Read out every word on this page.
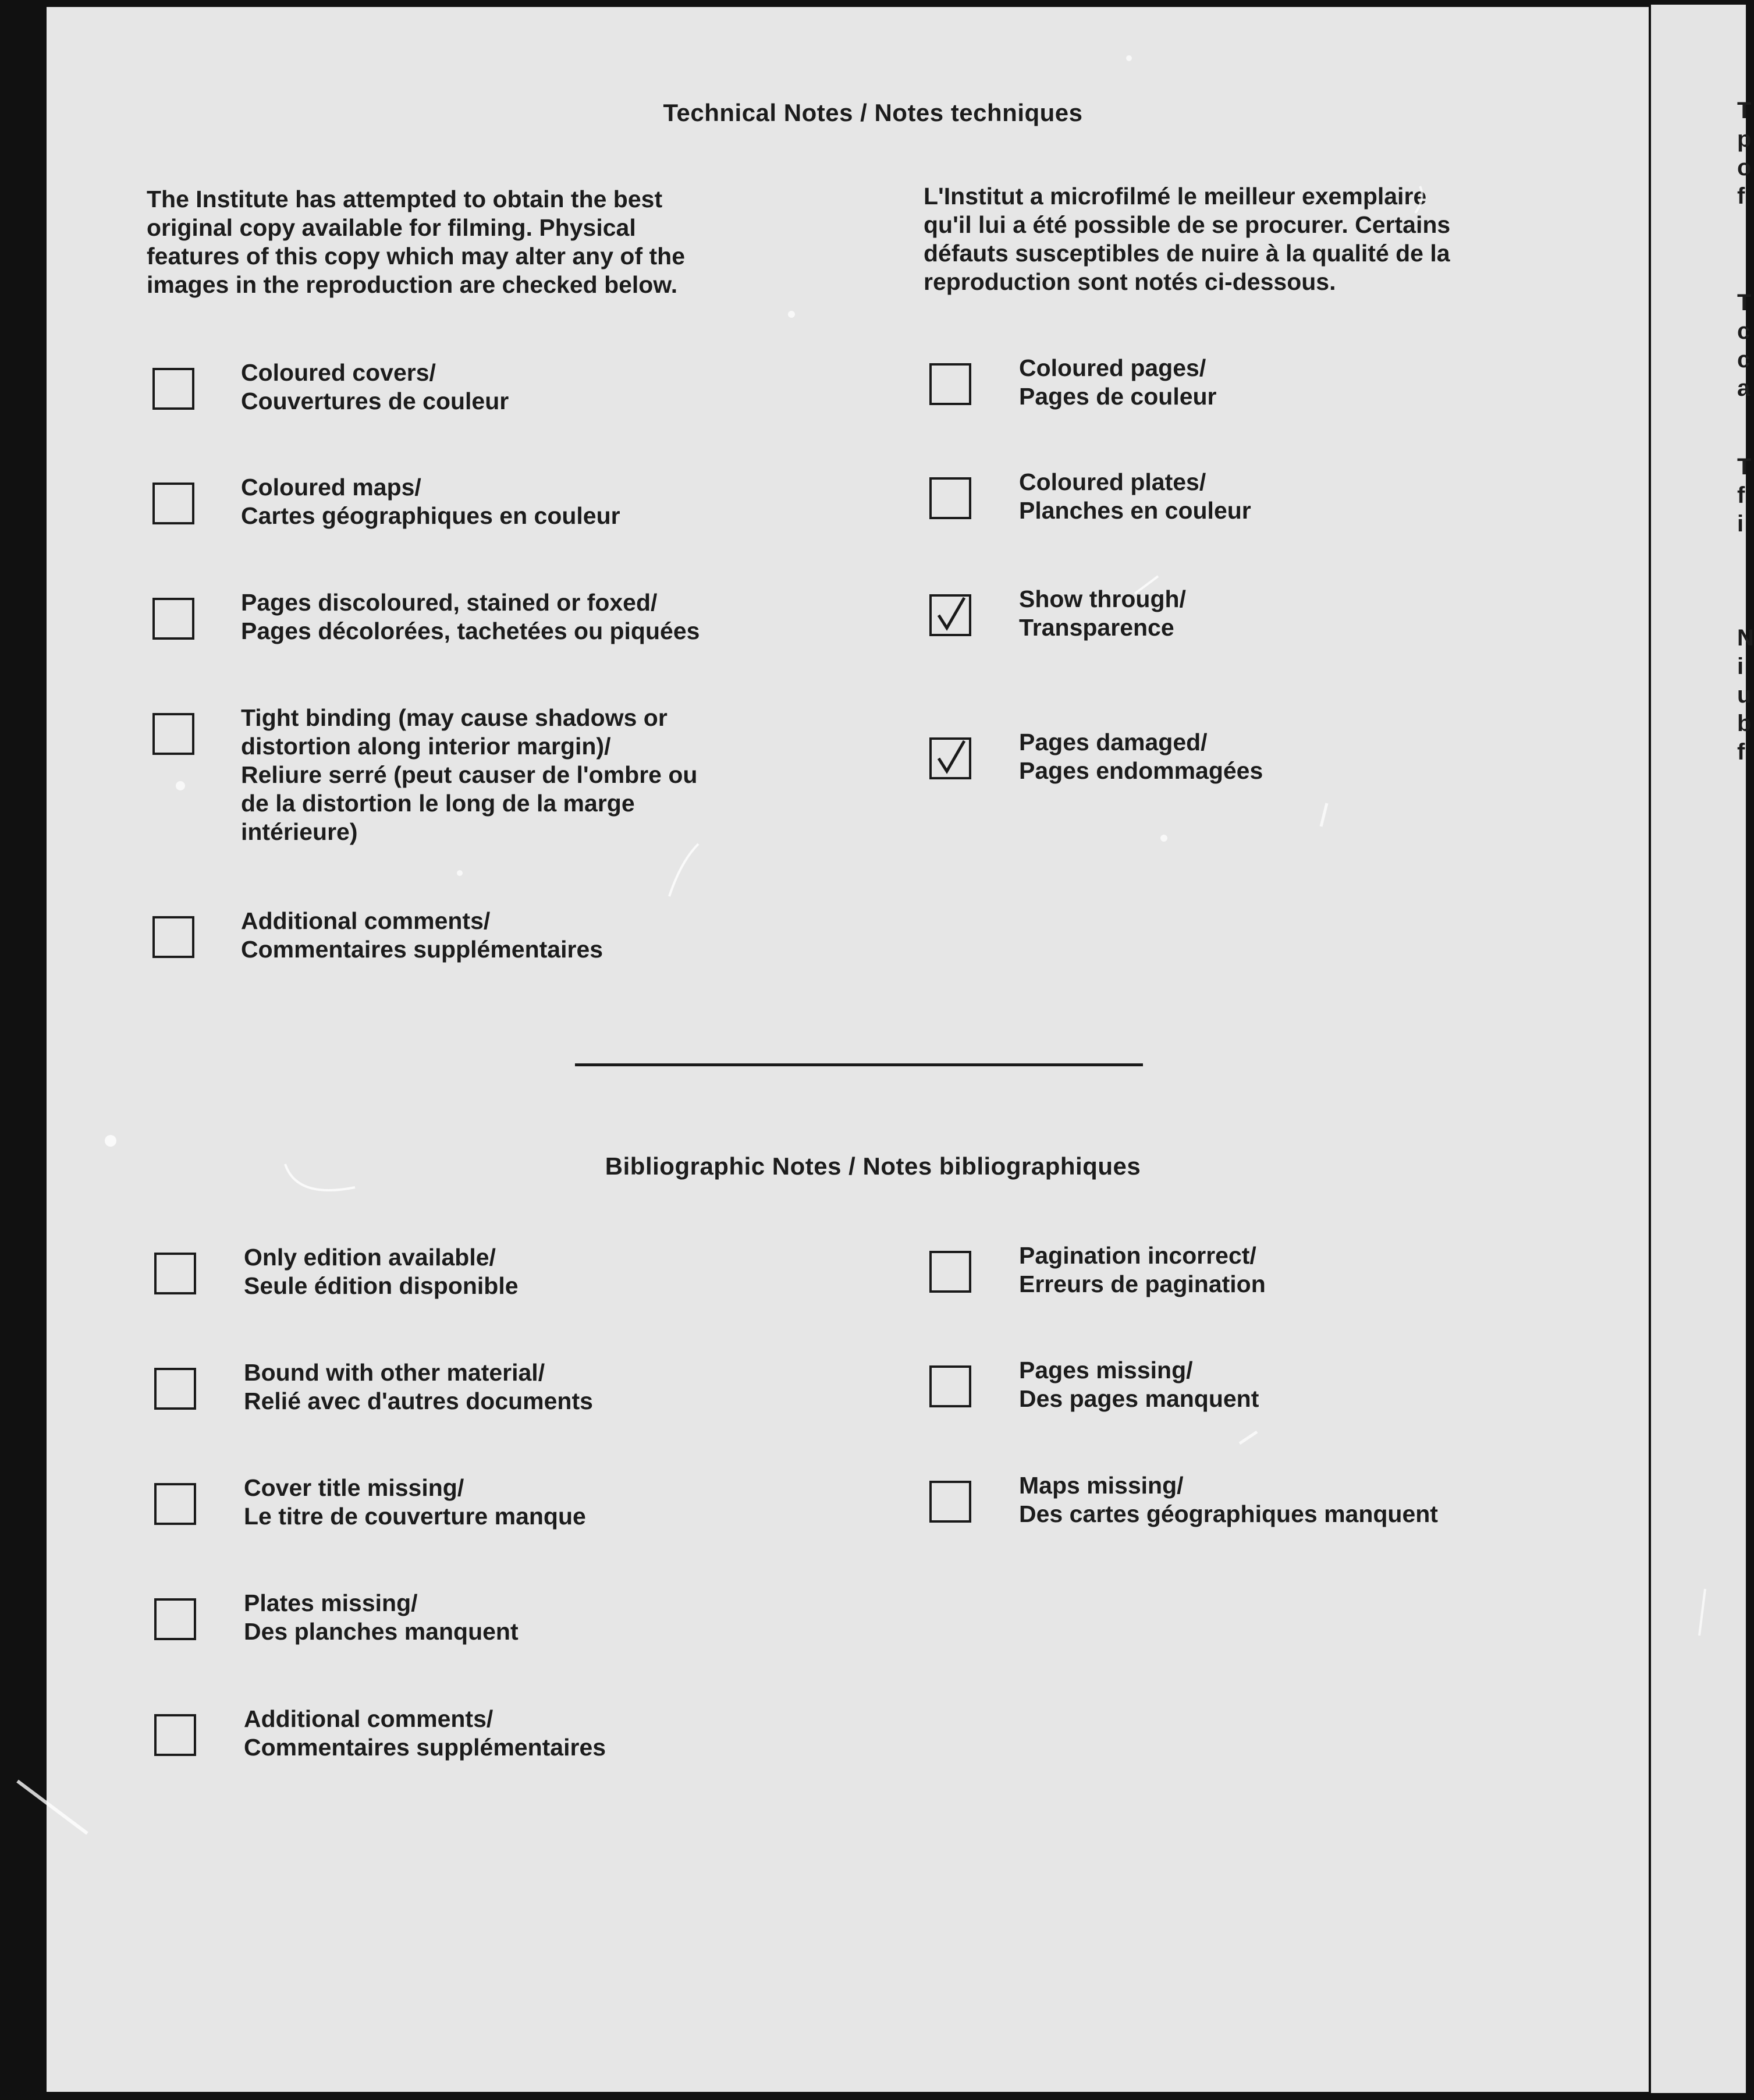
T
p
o
f

T
c
c
a

T
f
i

N
i
u
b
f

Technical Notes / Notes techniques

The Institute has attempted to obtain the best
original copy available for filming. Physical
features of this copy which may alter any of the
images in the reproduction are checked below.

L'Institut a microfilmé le meilleur exemplaire
qu'il lui a été possible de se procurer. Certains
défauts susceptibles de nuire à la qualité de la
reproduction sont notés ci-dessous.

Coloured covers/
Couvertures de couleur

Coloured maps/
Cartes géographiques en couleur

Pages discoloured, stained or foxed/
Pages décolorées, tachetées ou piquées

Tight binding (may cause shadows or
distortion along interior margin)/
Reliure serré (peut causer de l'ombre ou
de la distortion le long de la marge
intérieure)

Additional comments/
Commentaires supplémentaires

Coloured pages/
Pages de couleur

Coloured plates/
Planches en couleur

Show through/
Transparence

Pages damaged/
Pages endommagées

Bibliographic Notes / Notes bibliographiques

Only edition available/
Seule édition disponible

Bound with other material/
Relié avec d'autres documents

Cover title missing/
Le titre de couverture manque

Plates missing/
Des planches manquent

Additional comments/
Commentaires supplémentaires

Pagination incorrect/
Erreurs de pagination

Pages missing/
Des pages manquent

Maps missing/
Des cartes géographiques manquent
